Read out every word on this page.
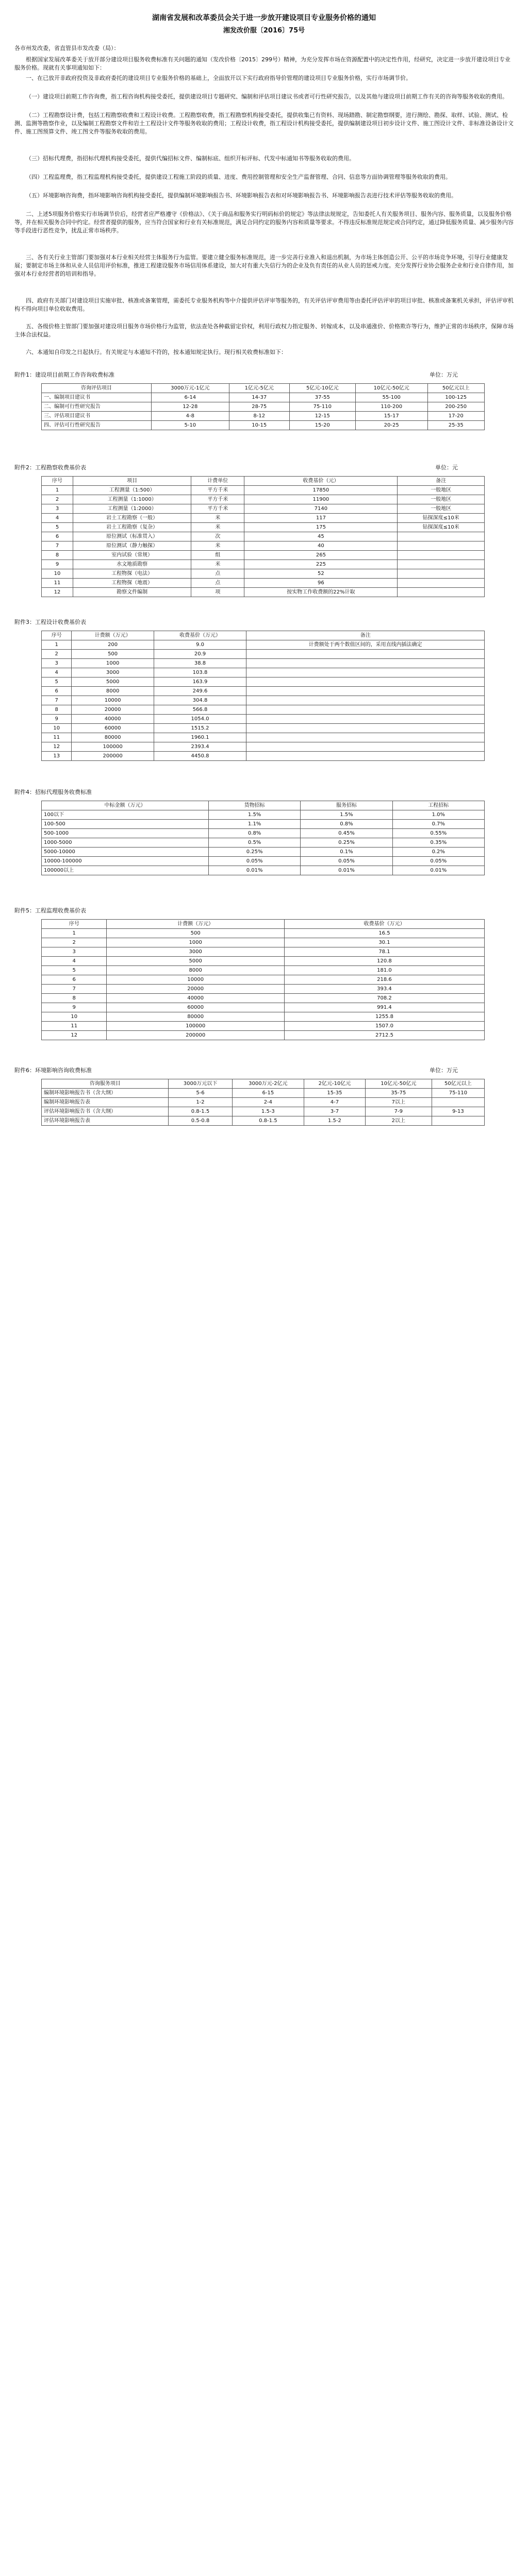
湖南省发展和改革委员会关于进一步放开建设项目专业服务价格的通知
湘发改价服〔2016〕75号
各市州发改委，省直管县市发改委（局）：
根据国家发展改革委关于放开部分建设项目服务收费标准有关问题的通知（发改价格〔2015〕299号）精神，为充分发挥市场在资源配置中的决定性作用，经研究，决定进一步放开建设项目专业服务价格。现就有关事项通知如下：
一、在已放开非政府投资及非政府委托的建设项目专业服务价格的基础上，全面放开以下实行政府指导价管理的建设项目专业服务价格，实行市场调节价。
（一）建设项目前期工作咨询费，指工程咨询机构接受委托，提供建设项目专题研究、编制和评估项目建议书或者可行性研究报告，以及其他与建设项目前期工作有关的咨询等服务收取的费用。
（二）工程勘察设计费，包括工程勘察收费和工程设计收费。工程勘察收费，指工程勘察机构接受委托，提供收集已有资料、现场踏勘、制定勘察纲要，进行测绘、勘探、取样、试验、测试、检测、监测等勘察作业，以及编制工程勘察文件和岩土工程设计文件等服务收取的费用；工程设计收费，指工程设计机构接受委托，提供编制建设项目初步设计文件、施工图设计文件、非标准设备设计文件、施工图预算文件、竣工图文件等服务收取的费用。
（三）招标代理费，指招标代理机构接受委托，提供代编招标文件、编制标底、组织开标评标、代发中标通知书等服务收取的费用。
（四）工程监理费，指工程监理机构接受委托，提供建设工程施工阶段的质量、进度、费用控制管理和安全生产监督管理、合同、信息等方面协调管理等服务收取的费用。
（五）环境影响咨询费，指环境影响咨询机构接受委托，提供编制环境影响报告书、环境影响报告表和对环境影响报告书、环境影响报告表进行技术评估等服务收取的费用。
二、上述5项服务价格实行市场调节价后，经营者应严格遵守《价格法》、《关于商品和服务实行明码标价的规定》等法律法规规定，告知委托人有关服务项目、服务内容、服务质量，以及服务价格等，并在相关服务合同中约定。经营者提供的服务，应当符合国家和行业有关标准规范，满足合同约定的服务内容和质量等要求。不得违反标准规范规定或合同约定，通过降低服务质量、减少服务内容等手段进行恶性竞争，扰乱正常市场秩序。
三、各有关行业主管部门要加强对本行业相关经营主体服务行为监管。要建立健全服务标准规范，进一步完善行业准入和退出机制，为市场主体创造公开、公平的市场竞争环境，引导行业健康发展；要制定市场主体和从业人员信用评价标准，推进工程建设服务市场信用体系建设，加大对有重大失信行为的企业及负有责任的从业人员的惩戒力度。充分发挥行业协会服务企业和行业自律作用，加强对本行业经营者的培训和指导。
四、政府有关部门对建设项目实施审批、核准或备案管理，需委托专业服务机构等中介提供评估评审等服务的，有关评估评审费用等由委托评估评审的项目审批、核准或备案机关承担，评估评审机构不得向项目单位收取费用。
五、各级价格主管部门要加强对建设项目服务市场价格行为监管，依法查处各种截留定价权，利用行政权力指定服务、转嫁成本，以及串通涨价、价格欺诈等行为，维护正常的市场秩序，保障市场主体合法权益。
六、本通知自印发之日起执行。有关规定与本通知不符的，按本通知规定执行。现行相关收费标准如下：
附件1：建设项目前期工作咨询收费标准	单位：万元
咨询评估项目	3000万元-1亿元	1亿元-5亿元	5亿元-10亿元	10亿元-50亿元	50亿元以上
一、编制项目建议书	6-14	14-37	37-55	55-100	100-125
二、编制可行性研究报告	12-28	28-75	75-110	110-200	200-250
三、评估项目建议书	4-8	8-12	12-15	15-17	17-20
四、评估可行性研究报告	5-10	10-15	15-20	20-25	25-35
附件2：工程勘察收费基价表	单位：元
序号	项目	计费单位	收费基价（元）	备注
1	工程测量（1:500）	平方千米	17850	一般地区
2	工程测量（1:1000）	平方千米	11900	一般地区
3	工程测量（1:2000）	平方千米	7140	一般地区
4	岩土工程勘察（一般）	米	117	钻探深度≤10米
5	岩土工程勘察（复杂）	米	175	钻探深度≤10米
6	原位测试（标准贯入）	次	45	
7	原位测试（静力触探）	米	40	
8	室内试验（常规）	组	265	
9	水文地质勘察	米	225	
10	工程物探（电法）	点	52	
11	工程物探（地震）	点	96	
12	勘察文件编制	项	按实物工作收费额的22%计取	
附件3：工程设计收费基价表
序号	计费额（万元）	收费基价（万元）	备注
1	200	9.0	计费额处于两个数值区间的，采用直线内插法确定
2	500	20.9	
3	1000	38.8	
4	3000	103.8	
5	5000	163.9	
6	8000	249.6	
7	10000	304.8	
8	20000	566.8	
9	40000	1054.0	
10	60000	1515.2	
11	80000	1960.1	
12	100000	2393.4	
13	200000	4450.8	
附件4：招标代理服务收费标准
中标金额（万元）	货物招标	服务招标	工程招标
100以下	1.5%	1.5%	1.0%
100-500	1.1%	0.8%	0.7%
500-1000	0.8%	0.45%	0.55%
1000-5000	0.5%	0.25%	0.35%
5000-10000	0.25%	0.1%	0.2%
10000-100000	0.05%	0.05%	0.05%
100000以上	0.01%	0.01%	0.01%
附件5：工程监理收费基价表
序号	计费额（万元）	收费基价（万元）
1	500	16.5
2	1000	30.1
3	3000	78.1
4	5000	120.8
5	8000	181.0
6	10000	218.6
7	20000	393.4
8	40000	708.2
9	60000	991.4
10	80000	1255.8
11	100000	1507.0
12	200000	2712.5
附件6：环境影响咨询收费标准	单位：万元
咨询服务项目	3000万元以下	3000万元-2亿元	2亿元-10亿元	10亿元-50亿元	50亿元以上
编制环境影响报告书（含大纲）	5-6	6-15	15-35	35-75	75-110
编制环境影响报告表	1-2	2-4	4-7	7以上	
评估环境影响报告书（含大纲）	0.8-1.5	1.5-3	3-7	7-9	9-13
评估环境影响报告表	0.5-0.8	0.8-1.5	1.5-2	2以上	
